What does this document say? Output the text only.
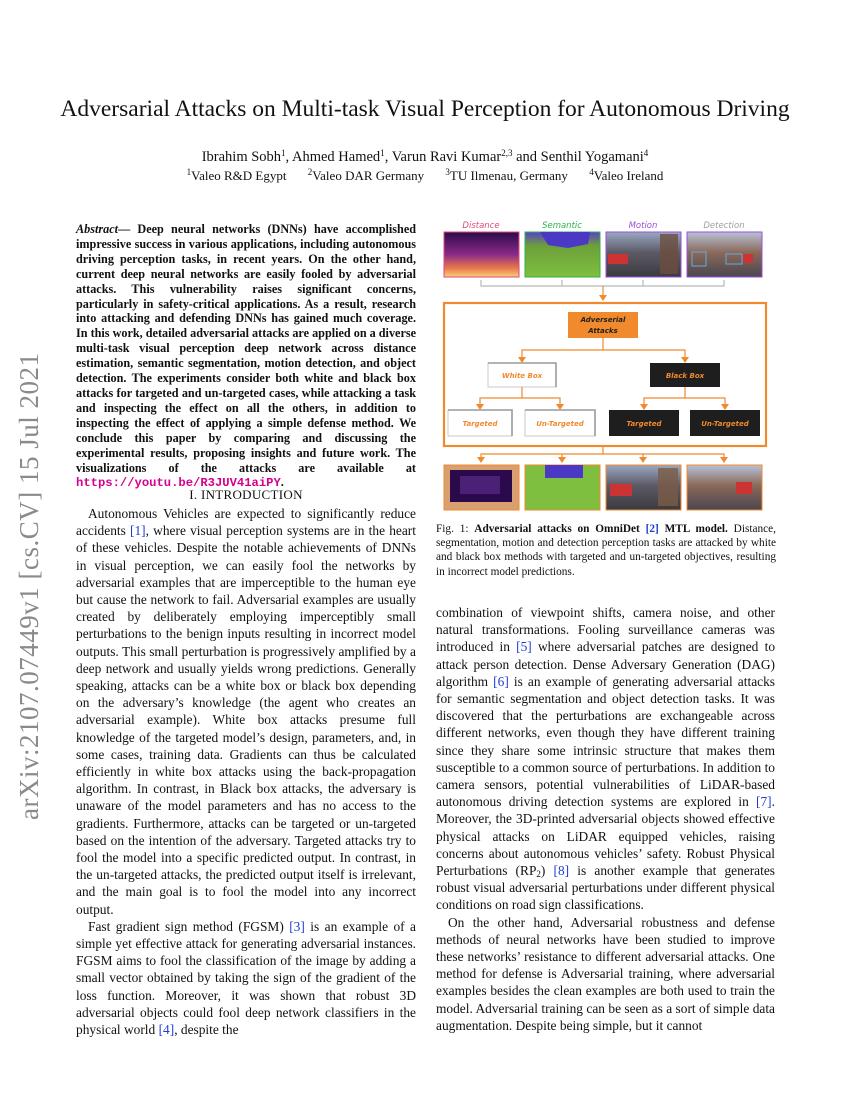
arXiv:2107.07449v1 [cs.CV] 15 Jul 2021
Adversarial Attacks on Multi-task Visual Perception for Autonomous Driving
Ibrahim Sobh$^1$, Ahmed Hamed$^1$, Varun Ravi Kumar$^{2,3}$ and Senthil Yogamani$^4$
$^1$Valeo R&D Egypt $^2$Valeo DAR Germany $^3$TU Ilmenau, Germany $^4$Valeo Ireland
Abstract— Deep neural networks (DNNs) have accomplished impressive success in various applications, including autonomous driving perception tasks, in recent years. On the other hand, current deep neural networks are easily fooled by adversarial attacks. This vulnerability raises significant concerns, particularly in safety-critical applications. As a result, research into attacking and defending DNNs has gained much coverage. In this work, detailed adversarial attacks are applied on a diverse multi-task visual perception deep network across distance estimation, semantic segmentation, motion detection, and object detection. The experiments consider both white and black box attacks for targeted and un-targeted cases, while attacking a task and inspecting the effect on all the others, in addition to inspecting the effect of applying a simple defense method. We conclude this paper by comparing and discussing the experimental results, proposing insights and future work. The visualizations of the attacks are available at https://youtu.be/R3JUV41aiPY.
I. INTRODUCTION

Autonomous Vehicles are expected to significantly reduce accidents [1], where visual perception systems are in the heart of these vehicles. Despite the notable achievements of DNNs in visual perception, we can easily fool the networks by adversarial examples that are imperceptible to the human eye but cause the network to fail. Adversarial examples are usually created by deliberately employing imperceptibly small perturbations to the benign inputs resulting in incorrect model outputs. This small perturbation is progressively amplified by a deep network and usually yields wrong predictions. Generally speaking, attacks can be a white box or black box depending on the adversary’s knowledge (the agent who creates an adversarial example). White box attacks presume full knowledge of the targeted model’s design, parameters, and, in some cases, training data. Gradients can thus be calculated efficiently in white box attacks using the back-propagation algorithm. In contrast, in Black box attacks, the adversary is unaware of the model parameters and has no access to the gradients. Furthermore, attacks can be targeted or un-targeted based on the intention of the adversary. Targeted attacks try to fool the model into a specific predicted output. In contrast, in the un-targeted attacks, the predicted output itself is irrelevant, and the main goal is to fool the model into any incorrect output.

Fast gradient sign method (FGSM) [3] is an example of a simple yet effective attack for generating adversarial instances. FGSM aims to fool the classification of the image by adding a small vector obtained by taking the sign of the gradient of the loss function. Moreover, it was shown that robust 3D adversarial objects could fool deep network classifiers in the physical world [4], despite the

Distance	Semantic	Motion	Detection
Adverserial
Attacks
White Box	Black Box
Targeted	Un-Targeted	Targeted	Un-Targeted
Fig. 1: Adversarial attacks on OmniDet [2] MTL model. Distance, segmentation, motion and detection perception tasks are attacked by white and black box methods with targeted and un-targeted objectives, resulting in incorrect model predictions.

combination of viewpoint shifts, camera noise, and other natural transformations. Fooling surveillance cameras was introduced in [5] where adversarial patches are designed to attack person detection. Dense Adversary Generation (DAG) algorithm [6] is an example of generating adversarial attacks for semantic segmentation and object detection tasks. It was discovered that the perturbations are exchangeable across different networks, even though they have different training since they share some intrinsic structure that makes them susceptible to a common source of perturbations. In addition to camera sensors, potential vulnerabilities of LiDAR-based autonomous driving detection systems are explored in [7]. Moreover, the 3D-printed adversarial objects showed effective physical attacks on LiDAR equipped vehicles, raising concerns about autonomous vehicles’ safety. Robust Physical Perturbations $(RP_2)$ [8] is another example that generates robust visual adversarial perturbations under different physical conditions on road sign classifications.

On the other hand, Adversarial robustness and defense methods of neural networks have been studied to improve these networks’ resistance to different adversarial attacks. One method for defense is Adversarial training, where adversarial examples besides the clean examples are both used to train the model. Adversarial training can be seen as a sort of simple data augmentation. Despite being simple, but it cannot
